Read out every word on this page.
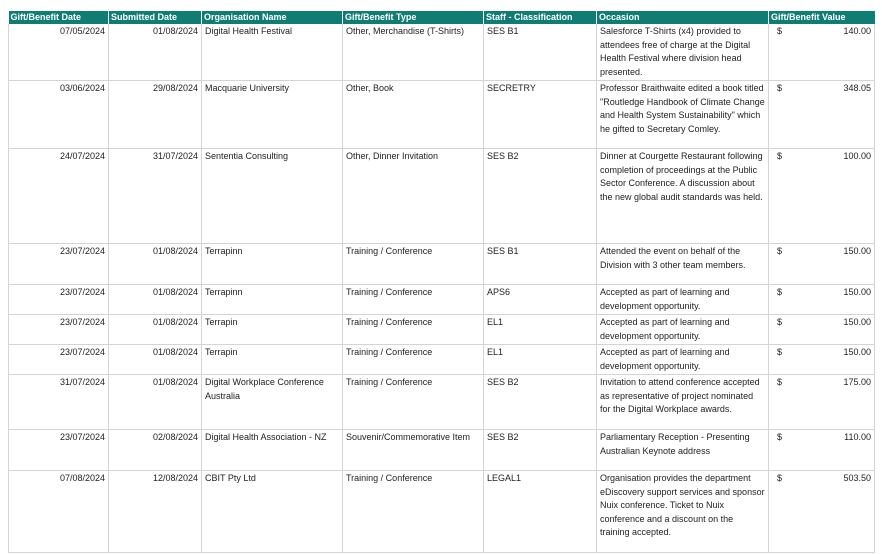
Gift/Benefit Date	Submitted Date	Organisation Name	Gift/Benefit Type	Staff - Classification	Occasion	Gift/Benefit Value
07/05/2024	01/08/2024	Digital Health Festival	Other, Merchandise (T-Shirts)	SES B1	Salesforce T-Shirts (x4) provided to attendees free of charge at the Digital Health Festival where division head presented.	$ 140.00

03/06/2024	29/08/2024	Macquarie University	Other, Book	SECRETRY	Professor Braithwaite edited a book titled "Routledge Handbook of Climate Change and Health System Sustainability" which he gifted to Secretary Comley.	$ 348.05

24/07/2024	31/07/2024	Sententia Consulting	Other, Dinner Invitation	SES B2	Dinner at Courgette Restaurant following completion of proceedings at the Public Sector Conference. A discussion about the new global audit standards was held.	$ 100.00

23/07/2024	01/08/2024	Terrapinn	Training / Conference	SES B1	Attended the event on behalf of the Division with 3 other team members.	$ 150.00

23/07/2024	01/08/2024	Terrapinn	Training / Conference	APS6	Accepted as part of learning and development opportunity.	$ 150.00

23/07/2024	01/08/2024	Terrapin	Training / Conference	EL1	Accepted as part of learning and development opportunity.	$ 150.00

23/07/2024	01/08/2024	Terrapin	Training / Conference	EL1	Accepted as part of learning and development opportunity.	$ 150.00

31/07/2024	01/08/2024	Digital Workplace Conference Australia	Training / Conference	SES B2	Invitation to attend conference accepted as representative of project nominated for the Digital Workplace awards.	$ 175.00

23/07/2024	02/08/2024	Digital Health Association - NZ	Souvenir/Commemorative Item	SES B2	Parliamentary Reception - Presenting Australian Keynote address	$ 110.00

07/08/2024	12/08/2024	CBIT Pty Ltd	Training / Conference	LEGAL1	Organisation provides the department eDiscovery support services and sponsor Nuix conference. Ticket to Nuix conference and a discount on the training accepted.	$ 503.50
